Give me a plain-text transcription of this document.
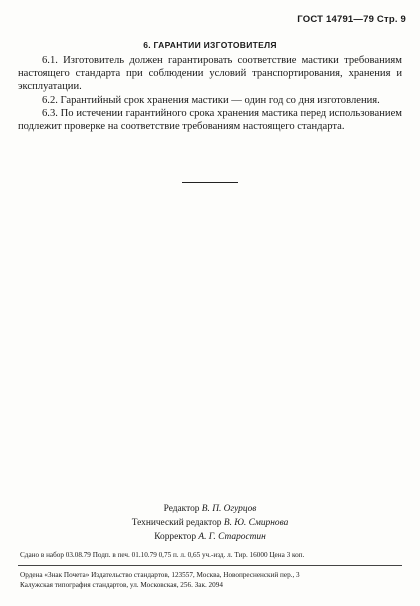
ГОСТ 14791—79 Стр. 9
6. ГАРАНТИИ ИЗГОТОВИТЕЛЯ

6.1. Изготовитель должен гарантировать соответствие мастики требованиям настоящего стандарта при соблюдении условий транспортирования, хранения и эксплуатации.

6.2. Гарантийный срок хранения мастики — один год со дня изготовления.

6.3. По истечении гарантийного срока хранения мастика перед использованием подлежит проверке на соответствие требованиям настоящего стандарта.

Редактор В. П. Огурцов
Технический редактор В. Ю. Смирнова
Корректор А. Г. Старостин
Сдано в набор 03.08.79 Подп. в печ. 01.10.79 0,75 п. л. 0,65 уч.-изд. л. Тир. 16000 Цена 3 коп.
Ордена «Знак Почета» Издательство стандартов, 123557, Москва, Новопресненский пер., 3
Калужская типография стандартов, ул. Московская, 256. Зак. 2094
